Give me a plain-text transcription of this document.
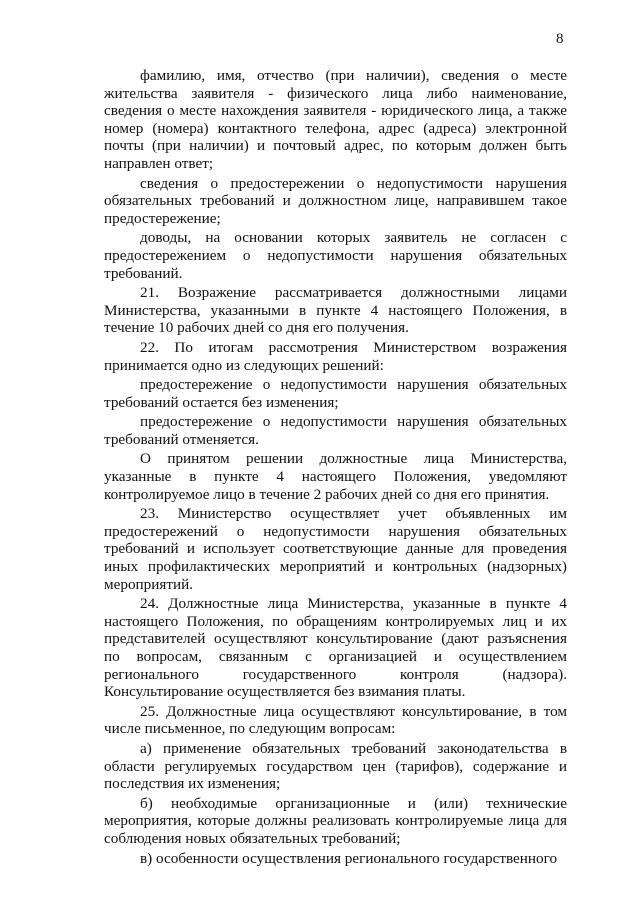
8

фамилию, имя, отчество (при наличии), сведения о месте жительства заявителя - физического лица либо наименование, сведения о месте нахождения заявителя - юридического лица, а также номер (номера) контактного телефона, адрес (адреса) электронной почты (при наличии) и почтовый адрес, по которым должен быть направлен ответ;

сведения о предостережении о недопустимости нарушения обязательных требований и должностном лице, направившем такое предостережение;

доводы, на основании которых заявитель не согласен с предостережением о недопустимости нарушения обязательных требований.

21. Возражение рассматривается должностными лицами Министерства, указанными в пункте 4 настоящего Положения, в течение 10 рабочих дней со дня его получения.

22. По итогам рассмотрения Министерством возражения принимается одно из следующих решений:

предостережение о недопустимости нарушения обязательных требований остается без изменения;

предостережение о недопустимости нарушения обязательных требований отменяется.

О принятом решении должностные лица Министерства, указанные в пункте 4 настоящего Положения, уведомляют контролируемое лицо в течение 2 рабочих дней со дня его принятия.

23. Министерство осуществляет учет объявленных им предостережений о недопустимости нарушения обязательных требований и использует соответствующие данные для проведения иных профилактических мероприятий и контрольных (надзорных) мероприятий.

24. Должностные лица Министерства, указанные в пункте 4 настоящего Положения, по обращениям контролируемых лиц и их представителей осуществляют консультирование (дают разъяснения по вопросам, связанным с организацией и осуществлением регионального государственного контроля (надзора). Консультирование осуществляется без взимания платы.

25. Должностные лица осуществляют консультирование, в том числе письменное, по следующим вопросам:

а) применение обязательных требований законодательства в области регулируемых государством цен (тарифов), содержание и последствия их изменения;

б) необходимые организационные и (или) технические мероприятия, которые должны реализовать контролируемые лица для соблюдения новых обязательных требований;

в) особенности осуществления регионального государственного
